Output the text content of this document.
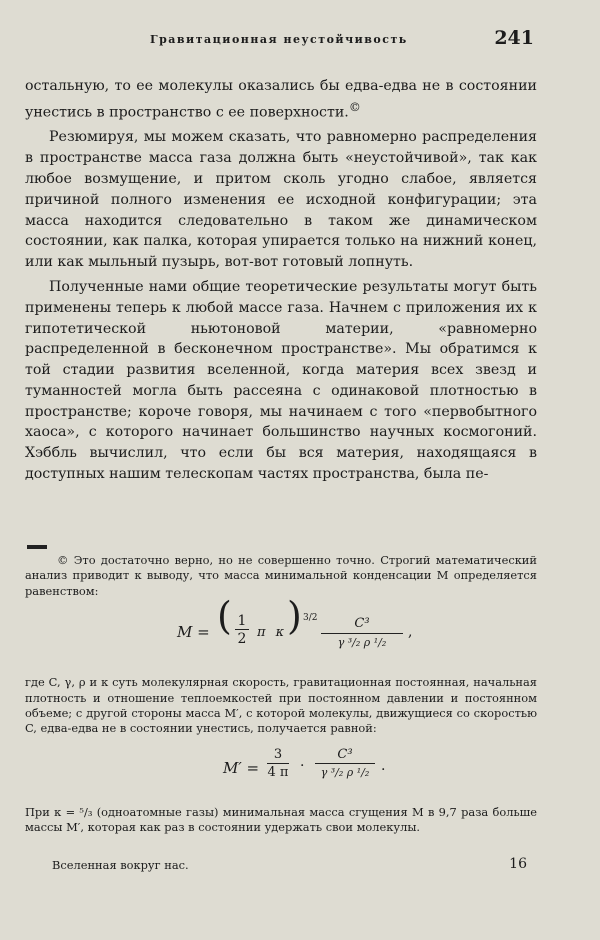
Гравитационная неустойчивость	241

остальную, то ее молекулы оказались бы едва-едва не в состоянии унестись в пространство с ее поверхности.©

Резюмируя, мы можем сказать, что равномерно распределения в пространстве масса газа должна быть «неустойчивой», так как любое возмущение, и притом сколь угодно слабое, является причиной полного изменения ее исходной конфигурации; эта масса находится следовательно в таком же динамическом состоянии, как палка, которая упирается только на нижний конец, или как мыльный пузырь, вот-вот готовый лопнуть.

Полученные нами общие теоретические результаты могут быть применены теперь к любой массе газа. Начнем с приложения их к гипотетической ньютоновой материи, «равномерно распределенной в бесконечном пространстве». Мы обратимся к той стадии развития вселенной, когда материя всех звезд и туманностей могла быть рассеяна с одинаковой плотностью в пространстве; короче говоря, мы начинаем с того «первобытного хаоса», с которого начинает большинство научных космогоний. Хэббль вычислил, что если бы вся материя, находящаяся в доступных нашим телескопам частях пространства, была пе-

© Это достаточно верно, но не совершенно точно. Строгий математический анализ приводит к выводу, что масса минимальной конденсации M определяется равенством:

M = ( $\frac{1}{2}$ π κ ) 3/2	C³
γ ³/₂ ρ ¹/₂
,

где C, γ, ρ и κ суть молекулярная скорость, гравитационная постоянная, начальная плотность и отношение теплоемкостей при постоянном давлении и постоянном объеме; с другой стороны масса M′, с которой молекулы, движущиеся со скоростью C, едва-едва не в состоянии унестись, получается равной:

$M' = \frac{3}{4 \pi}$ ·
C³
γ ³/₂ ρ ¹/₂ .

При κ = ⁵/₃ (одноатомные газы) минимальная масса сгущения M в 9,7 раза больше массы M′, которая как раз в состоянии удержать свои молекулы.

Вселенная вокруг нас.	16
